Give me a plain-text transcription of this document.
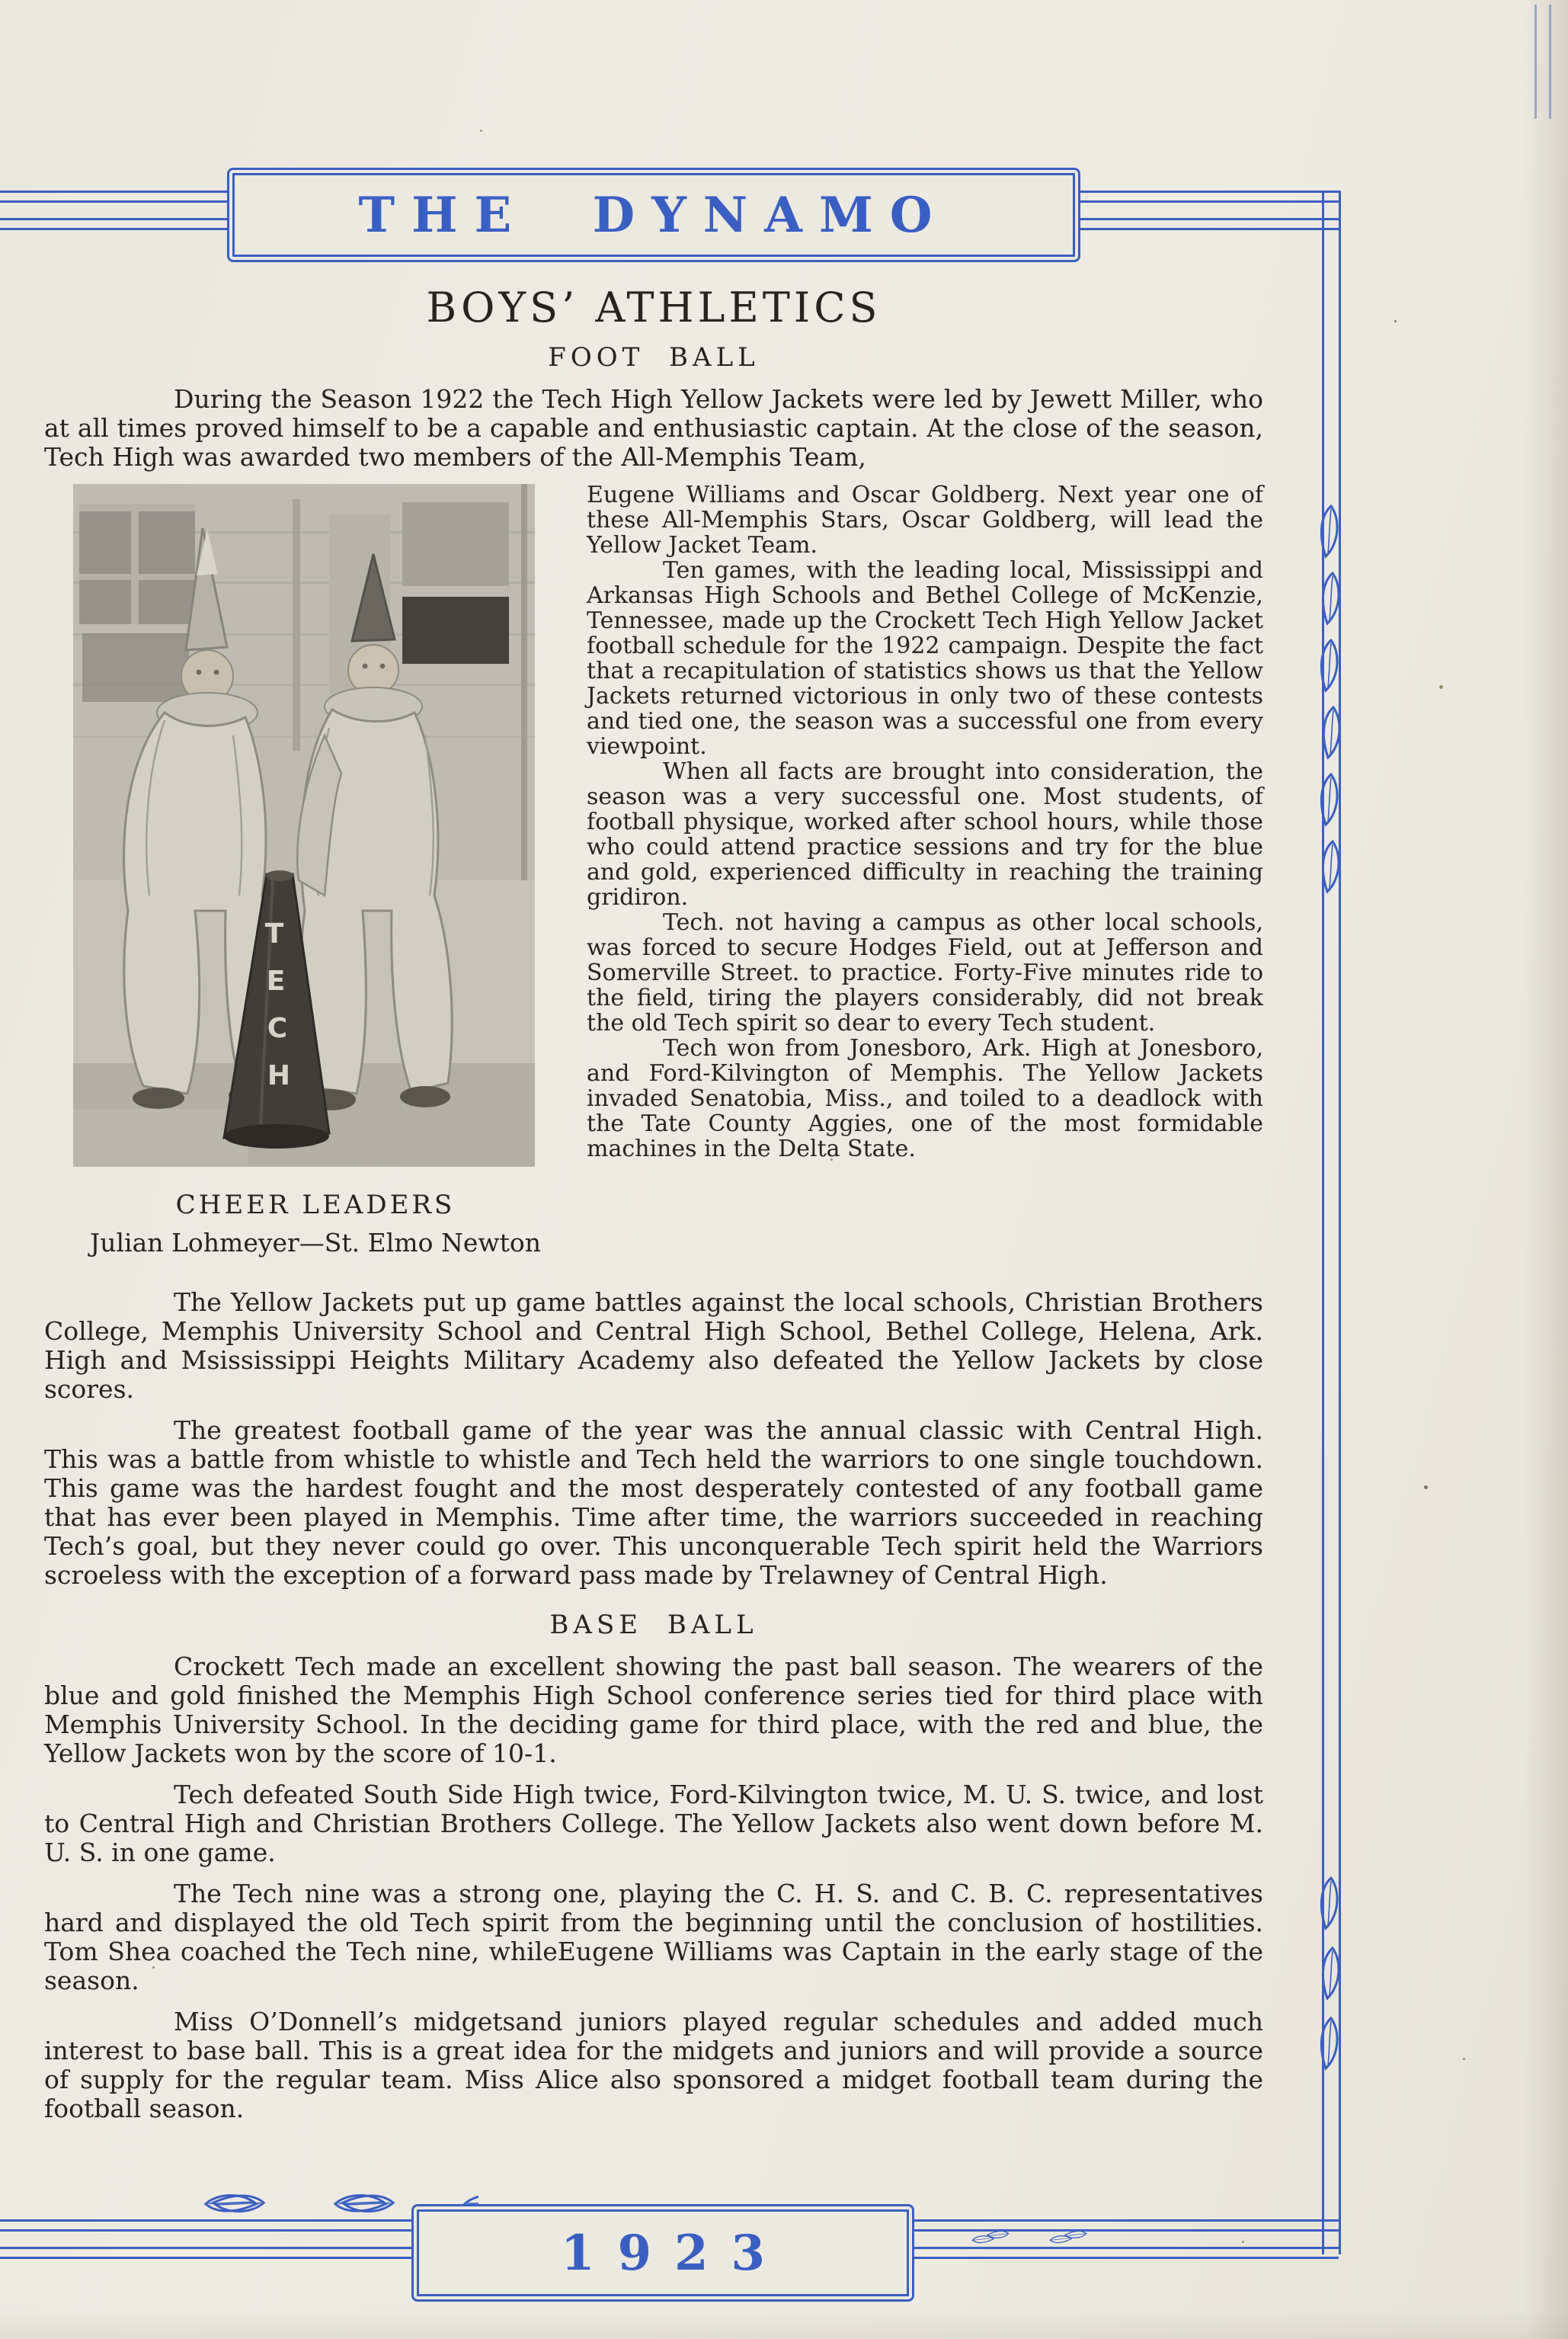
THE DYNAMO
1923
BOYS’ ATHLETICS
FOOT BALL

During the Season 1922 the Tech High Yellow Jackets were led by Jewett Miller, who at all times proved himself to be a capable and enthusiastic captain. At the close of the season, Tech High was awarded two members of the All-Memphis Team,

T
E
C
H
CHEER LEADERS
Julian Lohmeyer—St. Elmo Newton

Eugene Williams and Oscar Goldberg. Next year one of these All-Memphis Stars, Oscar Goldberg, will lead the Yellow Jacket Team.

Ten games, with the leading local, Mississippi and Arkansas High Schools and Bethel College of McKenzie, Tennessee, made up the Crockett Tech High Yellow Jacket football schedule for the 1922 campaign. Despite the fact that a recapitulation of statistics shows us that the Yellow Jackets returned victorious in only two of these contests and tied one, the season was a successful one from every viewpoint.

When all facts are brought into consideration, the season was a very successful one. Most students, of football physique, worked after school hours, while those who could attend practice sessions and try for the blue and gold, experienced difficulty in reaching the training gridiron.

Tech. not having a campus as other local schools, was forced to secure Hodges Field, out at Jefferson and Somerville Street. to practice. Forty-Five minutes ride to the field, tiring the players considerably, did not break the old Tech spirit so dear to every Tech student.

Tech won from Jonesboro, Ark. High at Jonesboro, and Ford-Kilvington of Memphis. The Yellow Jackets invaded Senatobia, Miss., and toiled to a deadlock with the Tate County Aggies, one of the most formidable machines in the Delta State.

The Yellow Jackets put up game battles against the local schools, Christian Brothers College, Memphis University School and Central High School, Bethel College, Helena, Ark. High and Msississippi Heights Military Academy also defeated the Yellow Jackets by close scores.

The greatest football game of the year was the annual classic with Central High. This was a battle from whistle to whistle and Tech held the warriors to one single touchdown. This game was the hardest fought and the most desperately contested of any football game that has ever been played in Memphis. Time after time, the warriors succeeded in reaching Tech’s goal, but they never could go over. This unconquerable Tech spirit held the Warriors scroeless with the exception of a forward pass made by Trelawney of Central High.

BASE BALL

Crockett Tech made an excellent showing the past ball season. The wearers of the blue and gold finished the Memphis High School conference series tied for third place with Memphis University School. In the deciding game for third place, with the red and blue, the Yellow Jackets won by the score of 10-1.

Tech defeated South Side High twice, Ford-Kilvington twice, M. U. S. twice, and lost to Central High and Christian Brothers College. The Yellow Jackets also went down before M. U. S. in one game.

The Tech nine was a strong one, playing the C. H. S. and C. B. C. representatives hard and displayed the old Tech spirit from the beginning until the conclusion of hostilities. Tom Shea coached the Tech nine, whileEugene Williams was Captain in the early stage of the season.

Miss O’Donnell’s midgetsand juniors played regular schedules and added much interest to base ball. This is a great idea for the midgets and juniors and will provide a source of supply for the regular team. Miss Alice also sponsored a midget football team during the football season.
